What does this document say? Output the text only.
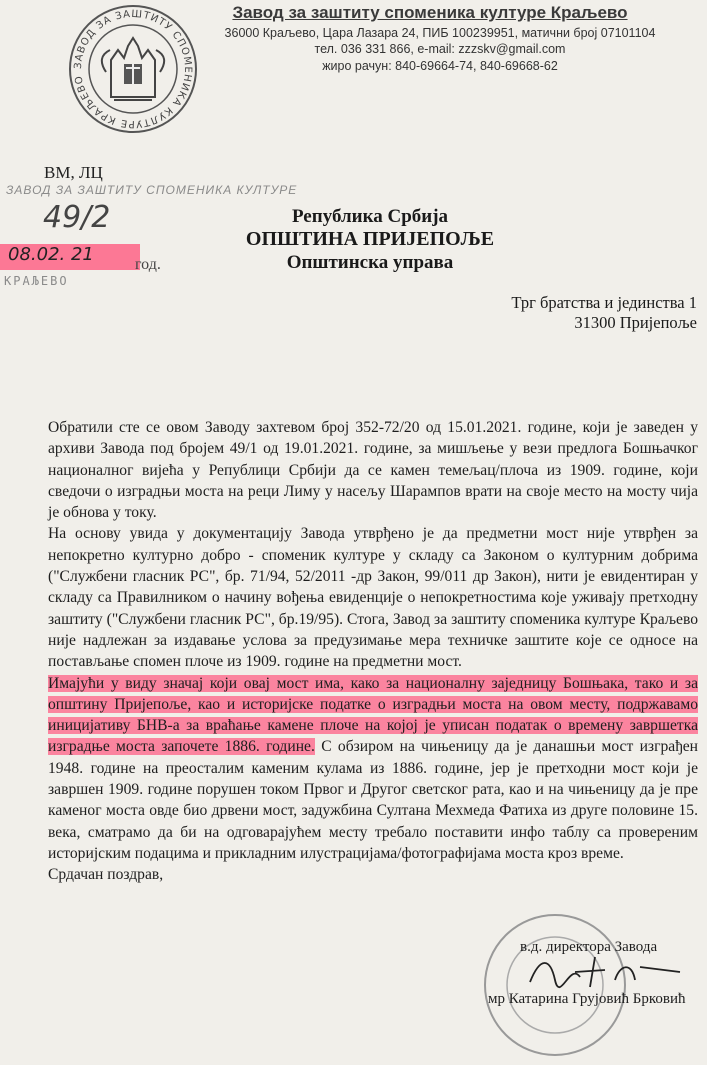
ЗАВОД ЗА ЗАШТИТУ СПОМЕНИКА КУЛТУРЕ КРАЉЕВО
Завод за заштиту споменика културе Краљево
36000 Краљево, Цара Лазара 24, ПИБ 100239951, матични број 07101104
тел. 036 331 866, e-mail: zzzskv@gmail.com
жиро рачун: 840-69664-74, 840-69668-62
ВМ, ЛЦ
ЗАВОД ЗА ЗАШТИТУ СПОМЕНИКА КУЛТУРЕ
49/2
08.02. 21	год.
КРАЉЕВО
Република Србија
ОПШТИНА ПРИЈЕПОЉЕ
Општинска управа
Трг братства и јединства 1
31300 Пријепоље

Обратили сте се овом Заводу захтевом број 352-72/20 од 15.01.2021. године, који је заведен у архиви Завода под бројем 49/1 од 19.01.2021. године, за мишљење у вези предлога Бошњачког националног вијећа у Републици Србији да се камен темељац/плоча из 1909. године, који сведочи о изградњи моста на реци Лиму у насељу Шарампов врати на своје место на мосту чија је обнова у току.

На основу увида у документацију Завода утврђено је да предметни мост није утврђен за непокретно културно добро - споменик културе у складу са Законом о културним добрима ("Службени гласник РС", бр. 71/94, 52/2011 -др Закон, 99/011 др Закон), нити је евидентиран у складу са Правилником о начину вођења евиденције о непокретностима које уживају претходну заштиту ("Службени гласник РС", бр.19/95). Стога, Завод за заштиту споменика културе Краљево није надлежан за издавање услова за предузимање мера техничке заштите које се односе на постављање спомен плоче из 1909. године на предметни мост.

Имајући у виду значај који овај мост има, како за националну заједницу Бошњака, тако и за општину Пријепоље, као и историјске податке о изградњи моста на овом месту, подржавамо иницијативу БНВ-а за враћање камене плоче на којој је уписан податак о времену завршетка изградње моста започете 1886. године. С обзиром на чињеницу да је данашњи мост изграђен 1948. године на преосталим каменим кулама из 1886. године, јер је претходни мост који је завршен 1909. године порушен током Првог и Другог светског рата, као и на чињеницу да је пре каменог моста овде био дрвени мост, задужбина Султана Мехмеда Фатиха из друге половине 15. века, сматрамо да би на одговарајућем месту требало поставити инфо таблу са провереним историјским подацима и прикладним илустрацијама/фотографијама моста кроз време.

Срдачан поздрав,

в.д. директора Завода
мр Катарина Грујовић Брковић
